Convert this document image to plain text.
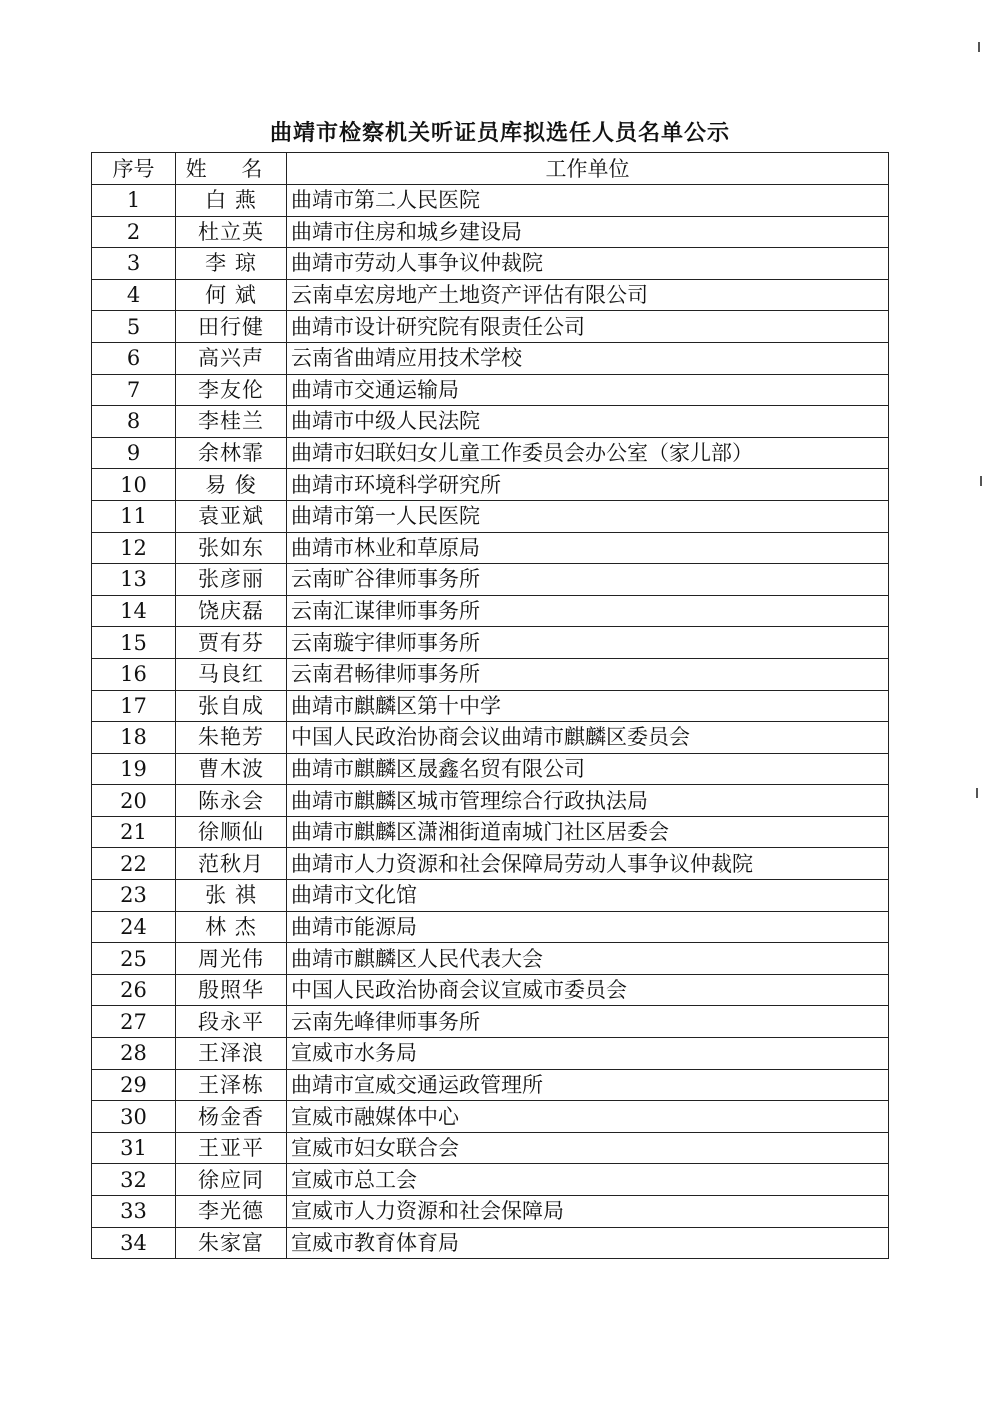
曲靖市检察机关听证员库拟选任人员名单公示
序号	姓 名	工作单位
1	白 燕	曲靖市第二人民医院
2	杜立英	曲靖市住房和城乡建设局
3	李 琼	曲靖市劳动人事争议仲裁院
4	何 斌	云南卓宏房地产土地资产评估有限公司
5	田行健	曲靖市设计研究院有限责任公司
6	高兴声	云南省曲靖应用技术学校
7	李友伦	曲靖市交通运输局
8	李桂兰	曲靖市中级人民法院
9	余林霏	曲靖市妇联妇女儿童工作委员会办公室（家儿部）
10	易 俊	曲靖市环境科学研究所
11	袁亚斌	曲靖市第一人民医院
12	张如东	曲靖市林业和草原局
13	张彦丽	云南旷谷律师事务所
14	饶庆磊	云南汇谋律师事务所
15	贾有芬	云南璇宇律师事务所
16	马良红	云南君畅律师事务所
17	张自成	曲靖市麒麟区第十中学
18	朱艳芳	中国人民政治协商会议曲靖市麒麟区委员会
19	曹木波	曲靖市麒麟区晟鑫名贸有限公司
20	陈永会	曲靖市麒麟区城市管理综合行政执法局
21	徐顺仙	曲靖市麒麟区潇湘街道南城门社区居委会
22	范秋月	曲靖市人力资源和社会保障局劳动人事争议仲裁院
23	张 祺	曲靖市文化馆
24	林 杰	曲靖市能源局
25	周光伟	曲靖市麒麟区人民代表大会
26	殷照华	中国人民政治协商会议宣威市委员会
27	段永平	云南先峰律师事务所
28	王泽浪	宣威市水务局
29	王泽栋	曲靖市宣威交通运政管理所
30	杨金香	宣威市融媒体中心
31	王亚平	宣威市妇女联合会
32	徐应同	宣威市总工会
33	李光德	宣威市人力资源和社会保障局
34	朱家富	宣威市教育体育局
